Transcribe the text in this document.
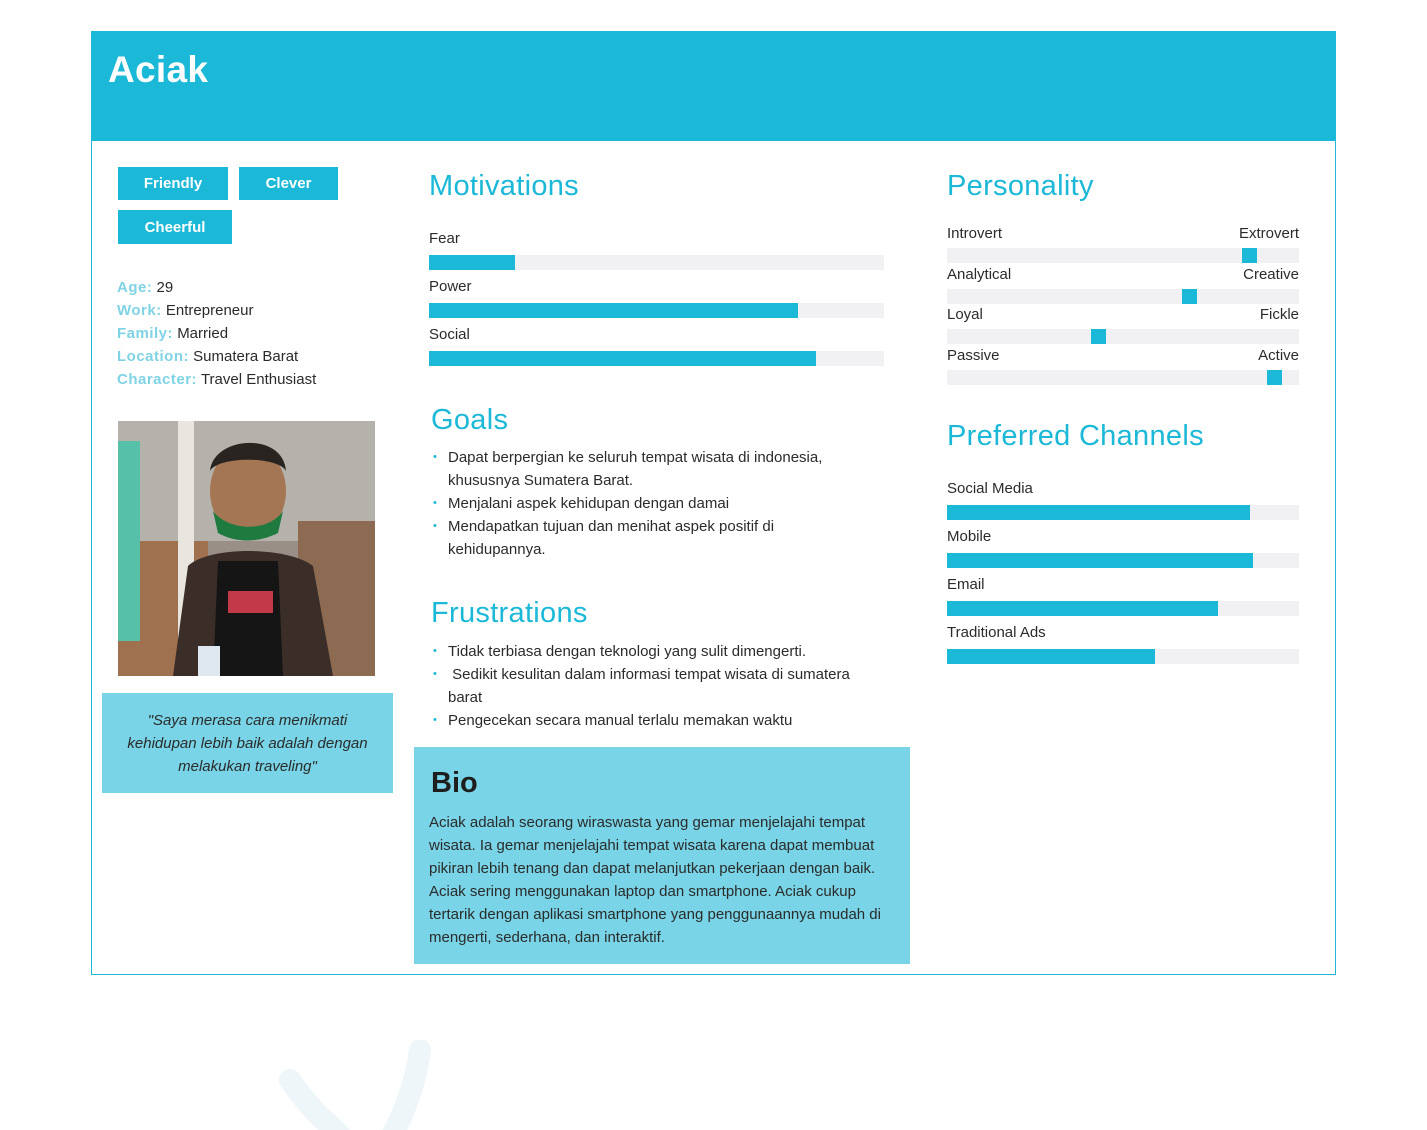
Aciak
Friendly	Clever
Cheerful
Age: 29
Work: Entrepreneur
Family: Married
Location: Sumatera Barat
Character: Travel Enthusiast
"Saya merasa cara menikmati kehidupan lebih baik adalah dengan melakukan traveling"
Motivations
Fear
Power
Social
Goals
• Dapat berpergian ke seluruh tempat wisata di indonesia, khususnya Sumatera Barat.
• Menjalani aspek kehidupan dengan damai
• Mendapatkan tujuan dan menihat aspek positif di kehidupannya.
Frustrations
• Tidak terbiasa dengan teknologi yang sulit dimengerti.
•  Sedikit kesulitan dalam informasi tempat wisata di sumatera barat
• Pengecekan secara manual terlalu memakan waktu
Bio

Aciak adalah seorang wiraswasta yang gemar menjelajahi tempat wisata. Ia gemar menjelajahi tempat wisata karena dapat membuat pikiran lebih tenang dan dapat melanjutkan pekerjaan dengan baik. Aciak sering menggunakan laptop dan smartphone. Aciak cukup tertarik dengan aplikasi smartphone yang penggunaannya mudah di mengerti, sederhana, dan interaktif.

Personality
Introvert	Extrovert
Analytical	Creative
Loyal	Fickle
Passive	Active
Preferred Channels
Social Media
Mobile
Email
Traditional Ads
